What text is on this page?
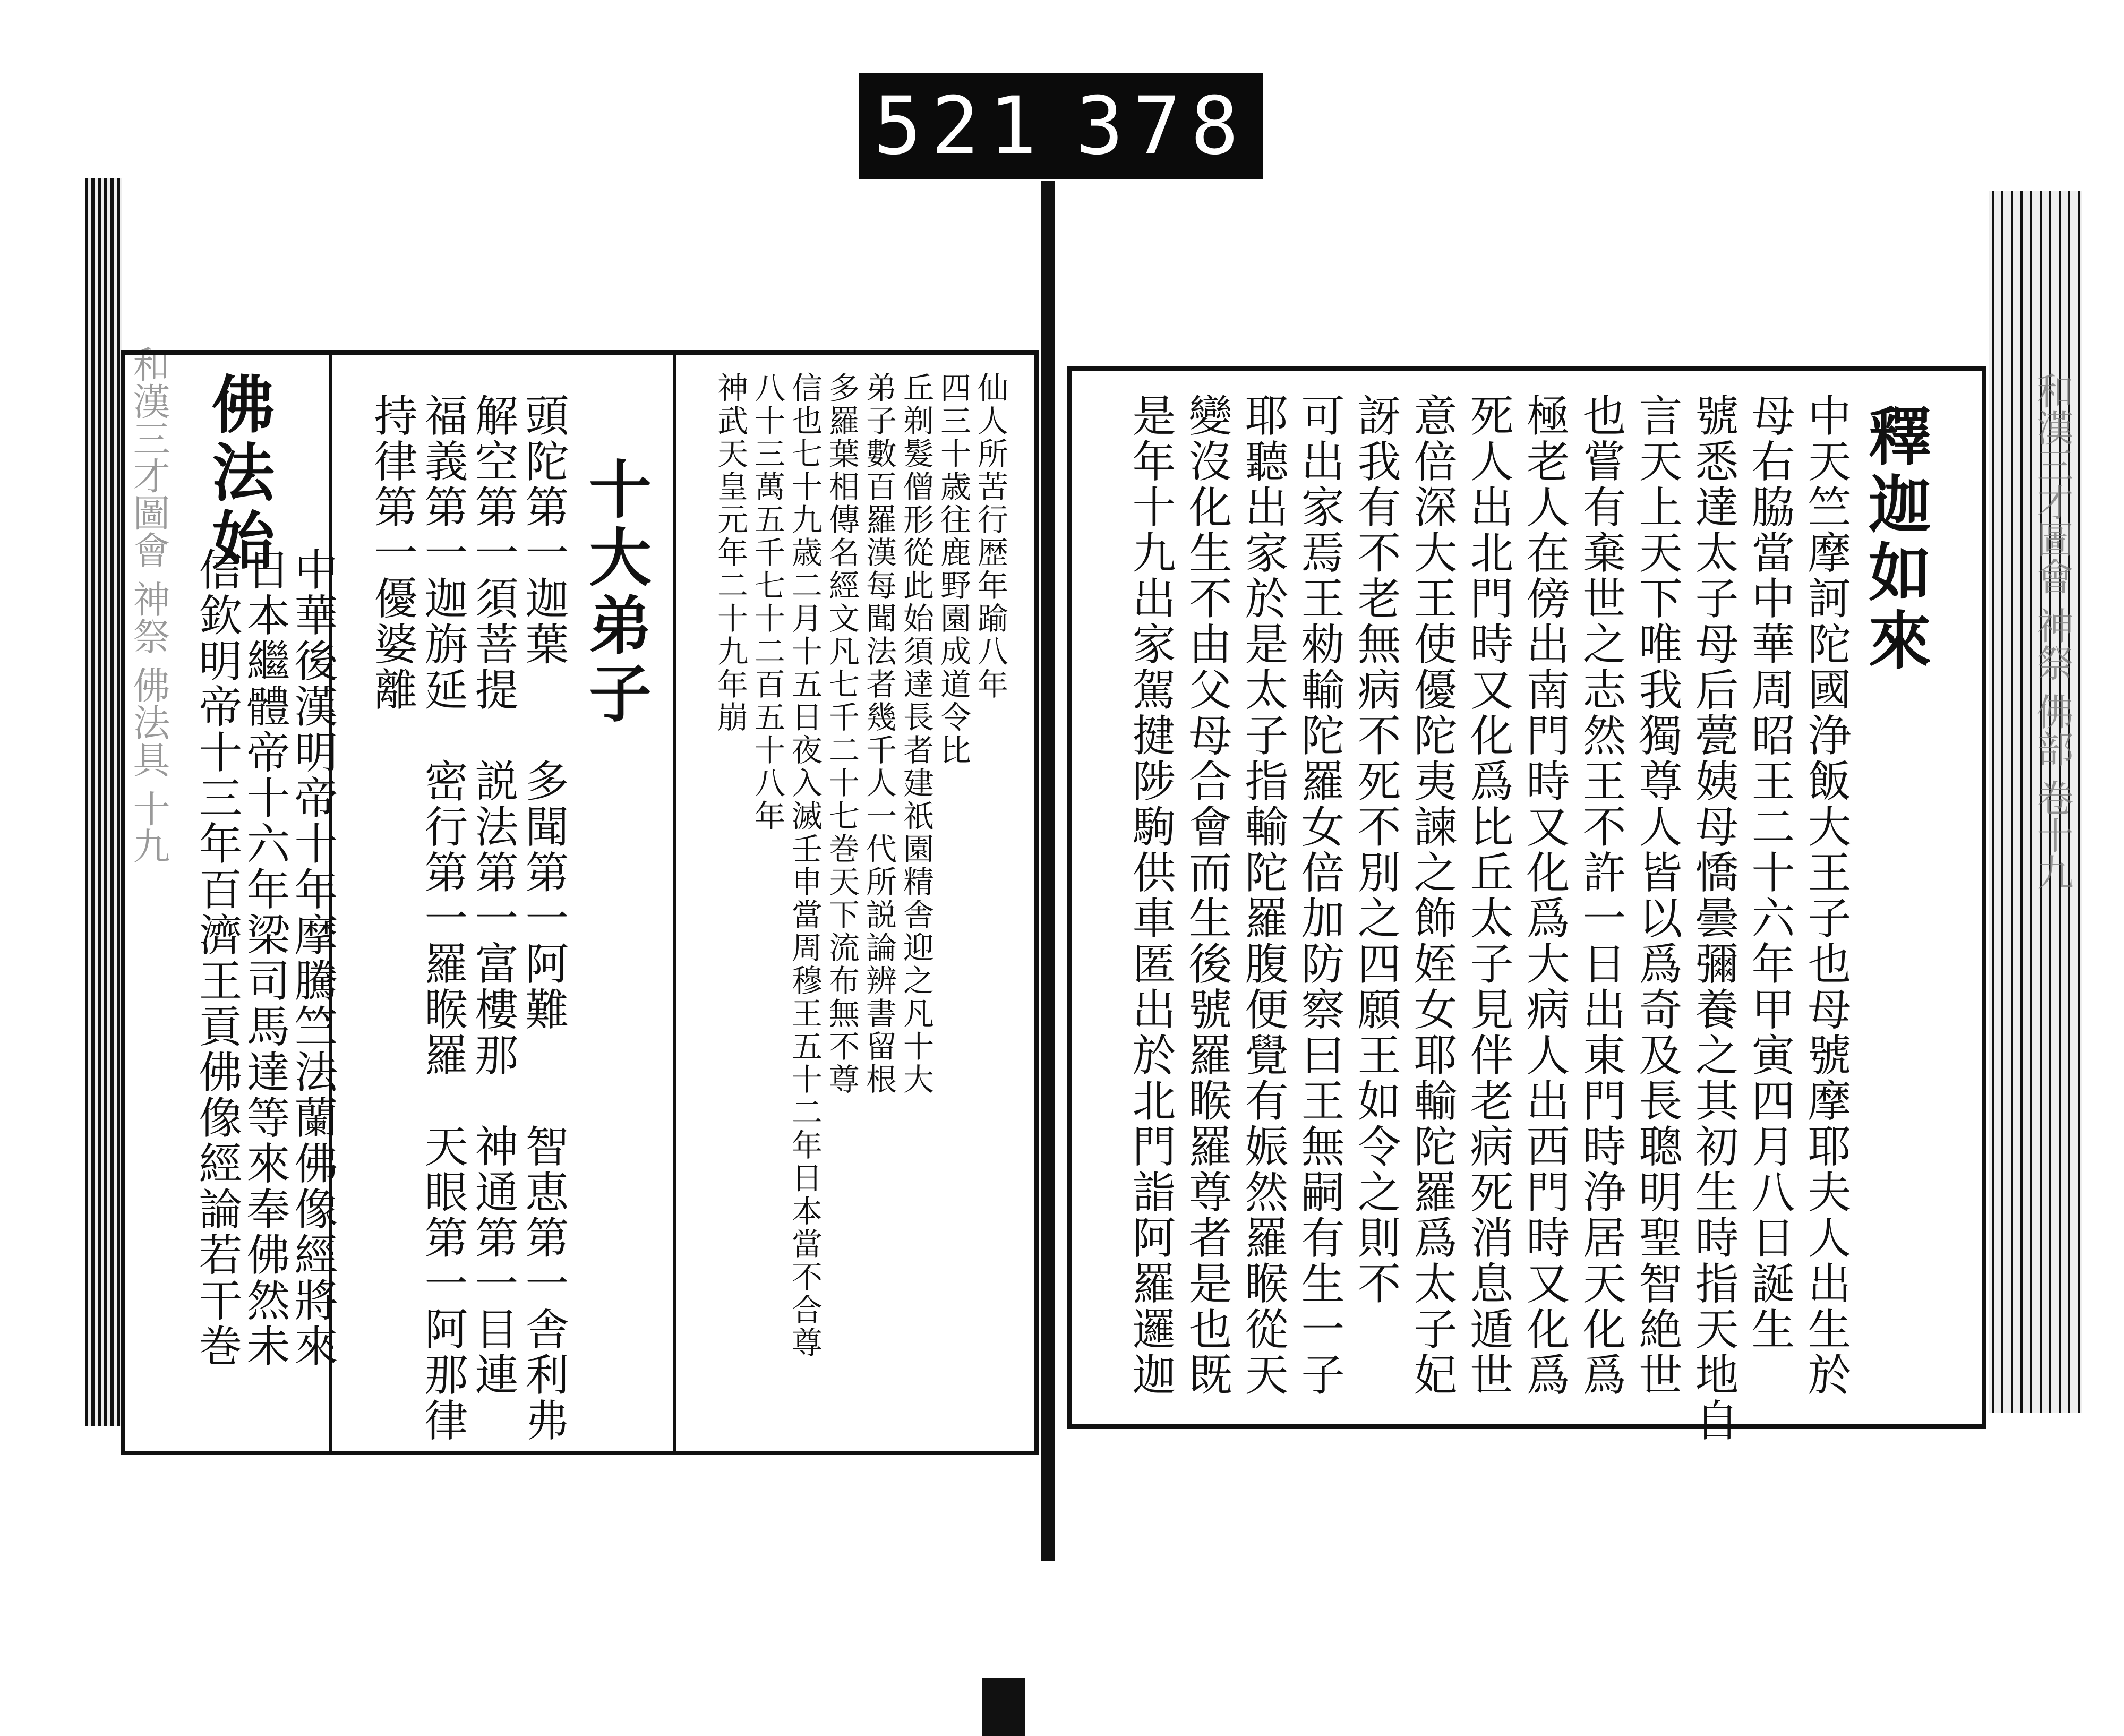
521 378
和漢三才圖會 神祭 佛法具 十九	和漢三才圖會 神祭 佛部 卷十九
釋迦如來
中天竺摩訶陀國浄飯大王子也母號摩耶夫人出生於
母右脇當中華周昭王二十六年甲寅四月八日誕生
號悉達太子母后甍姨母憍曇彌養之其初生時指天地自
言天上天下唯我獨尊人皆以爲奇及長聰明聖智絶世
也嘗有棄世之志然王不許一日出東門時浄居天化爲
極老人在傍出南門時又化爲大病人出西門時又化爲
死人出北門時又化爲比丘太子見伴老病死消息遁世
意倍深大王使優陀夷諫之飾姪女耶輸陀羅爲太子妃
訝我有不老無病不死不別之四願王如令之則不
可出家焉王勑輸陀羅女倍加防察曰王無嗣有生一子
耶聽出家於是太子指輸陀羅腹便覺有娠然羅睺從天
變沒化生不由父母合會而生後號羅睺羅尊者是也既
是年十九出家駕揵陟駒供車匿出於北門詣阿羅邏迦
仙人所苦行歴年踰八年
四三十歳往鹿野園成道令比
丘剃髮僧形從此始須達長者建祇園精舎迎之凡十大
弟子數百羅漢每聞法者幾千人一代所説論辨書留根
多羅葉相傳名經文凡七千二十七巻天下流布無不尊
信也七十九歳二月十五日夜入滅壬申當周穆王五十二年日本當不合尊
八十三萬五千七十二百五十八年
神武天皇元年二十九年崩
十大弟子
頭陀第一迦葉　　多聞第一阿難　　智恵第一舎利弗
解空第一須菩提　説法第一富樓那　神通第一目連
福義第一迦旃延　密行第一羅睺羅　天眼第一阿那律
持律第一優婆離
佛法始
中華後漢明帝十年摩騰竺法蘭佛像經將來
日本繼體帝十六年梁司馬達等來奉佛然未
信欽明帝十三年百濟王貢佛像經論若干巻
